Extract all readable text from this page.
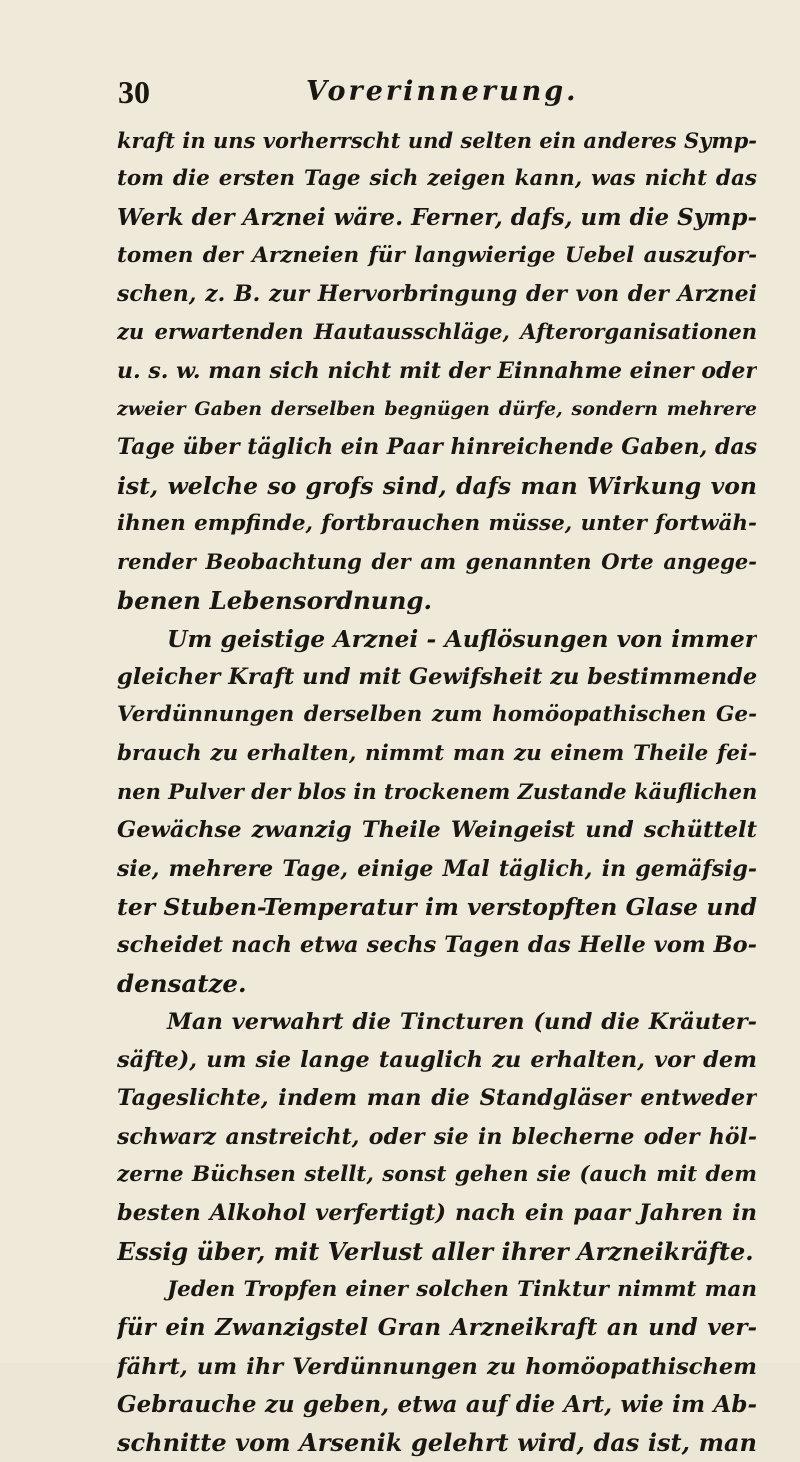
30	Vorerinnerung.
kraft in uns vorherrscht und selten ein anderes Symp-
tom die ersten Tage sich zeigen kann, was nicht das
Werk der Arznei wäre. Ferner, dafs, um die Symp-
tomen der Arzneien für langwierige Uebel auszufor-
schen, z. B. zur Hervorbringung der von der Arznei
zu erwartenden Hautausschläge, Afterorganisationen
u. s. w. man sich nicht mit der Einnahme einer oder
zweier Gaben derselben begnügen dürfe, sondern mehrere
Tage über täglich ein Paar hinreichende Gaben, das
ist, welche so grofs sind, dafs man Wirkung von
ihnen empfinde, fortbrauchen müsse, unter fortwäh-
render Beobachtung der am genannten Orte angege-
benen Lebensordnung.
Um geistige Arznei - Auflösungen von immer
gleicher Kraft und mit Gewifsheit zu bestimmende
Verdünnungen derselben zum homöopathischen Ge-
brauch zu erhalten, nimmt man zu einem Theile fei-
nen Pulver der blos in trockenem Zustande käuflichen
Gewächse zwanzig Theile Weingeist und schüttelt
sie, mehrere Tage, einige Mal täglich, in gemäfsig-
ter Stuben-Temperatur im verstopften Glase und
scheidet nach etwa sechs Tagen das Helle vom Bo-
densatze.
Man verwahrt die Tincturen (und die Kräuter-
säfte), um sie lange tauglich zu erhalten, vor dem
Tageslichte, indem man die Standgläser entweder
schwarz anstreicht, oder sie in blecherne oder höl-
zerne Büchsen stellt, sonst gehen sie (auch mit dem
besten Alkohol verfertigt) nach ein paar Jahren in
Essig über, mit Verlust aller ihrer Arzneikräfte.
Jeden Tropfen einer solchen Tinktur nimmt man
für ein Zwanzigstel Gran Arzneikraft an und ver-
fährt, um ihr Verdünnungen zu homöopathischem
Gebrauche zu geben, etwa auf die Art, wie im Ab-
schnitte vom Arsenik gelehrt wird, das ist, man
